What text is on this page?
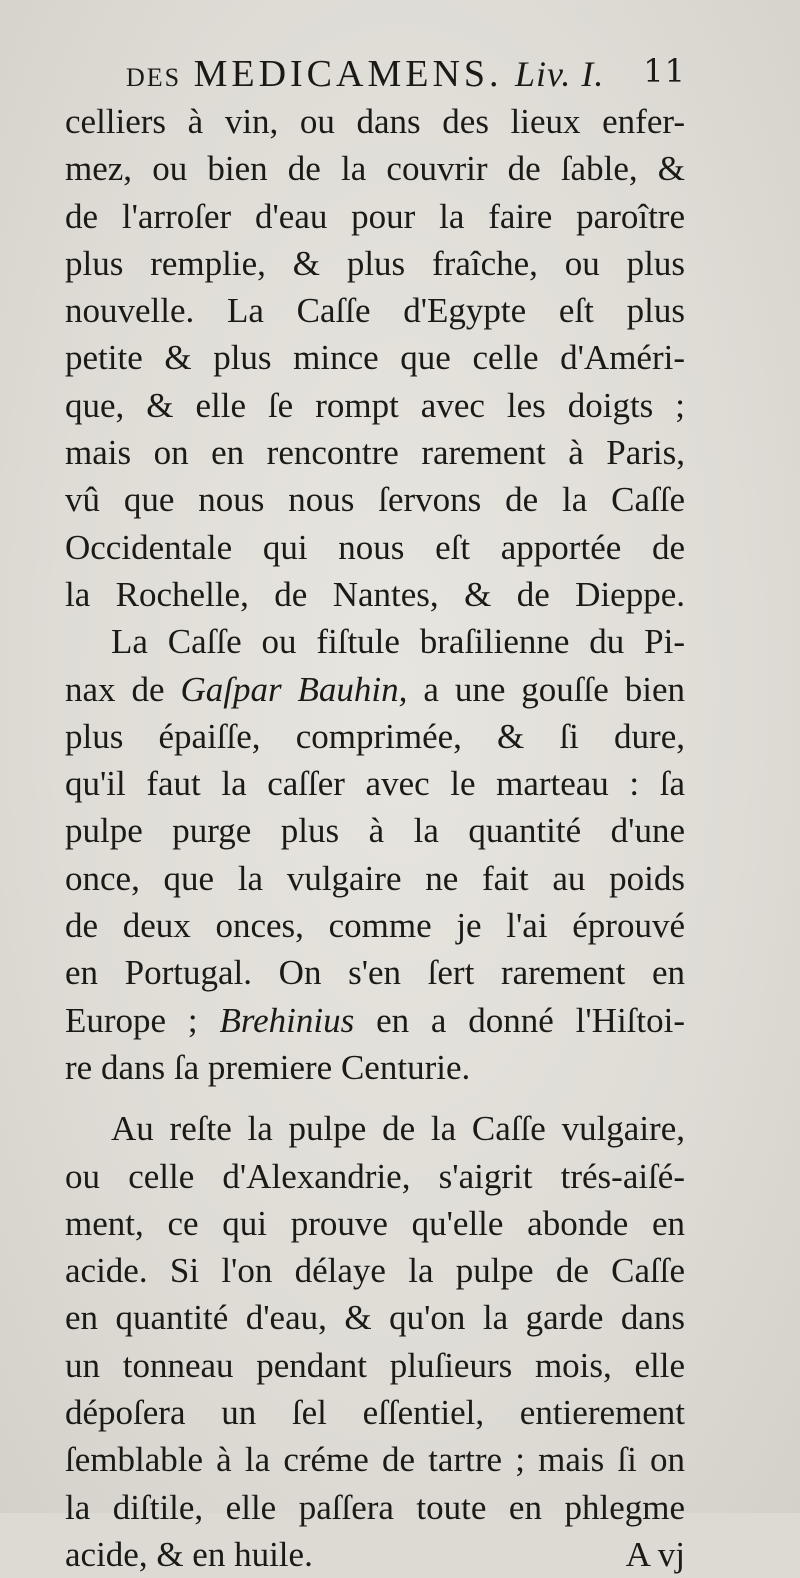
DES MEDICAMENS. Liv. I. 11
celliers à vin, ou dans des lieux enfer-
mez, ou bien de la couvrir de ſable, &
de l'arroſer d'eau pour la faire paroître
plus remplie, & plus fraîche, ou plus
nouvelle. La Caſſe d'Egypte eſt plus
petite & plus mince que celle d'Améri-
que, & elle ſe rompt avec les doigts ;
mais on en rencontre rarement à Paris,
vû que nous nous ſervons de la Caſſe
Occidentale qui nous eſt apportée de
la Rochelle, de Nantes, & de Dieppe.
La Caſſe ou fiſtule braſilienne du Pi-
nax de Gaſpar Bauhin, a une gouſſe bien
plus épaiſſe, comprimée, & ſi dure,
qu'il faut la caſſer avec le marteau : ſa
pulpe purge plus à la quantité d'une
once, que la vulgaire ne fait au poids
de deux onces, comme je l'ai éprouvé
en Portugal. On s'en ſert rarement en
Europe ; Brehinius en a donné l'Hiſtoi-
re dans ſa premiere Centurie.
Au reſte la pulpe de la Caſſe vulgaire,
ou celle d'Alexandrie, s'aigrit trés-aiſé-
ment, ce qui prouve qu'elle abonde en
acide. Si l'on délaye la pulpe de Caſſe
en quantité d'eau, & qu'on la garde dans
un tonneau pendant pluſieurs mois, elle
dépoſera un ſel eſſentiel, entierement
ſemblable à la créme de tartre ; mais ſi on
la diſtile, elle paſſera toute en phlegme
acide, & en huile.	A vj
